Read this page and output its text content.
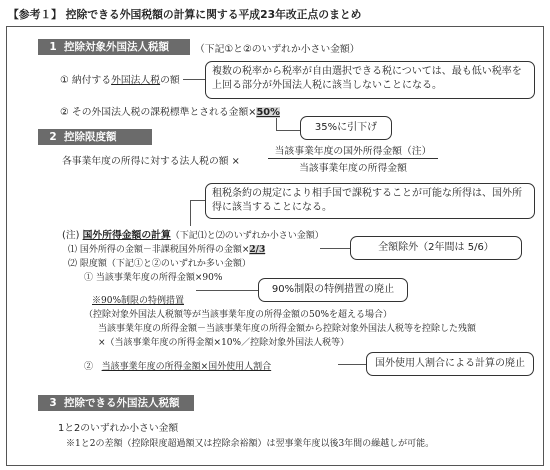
【参考１】 控除できる外国税額の計算に関する平成23年改正点のまとめ
1 控除対象外国法人税額	（下記①と②のいずれか小さい金額）
① 納付する外国法人税の額
複数の税率から税率が自由選択できる税については、最も低い税率を上回る部分が外国法人税に該当しないことになる。
② その外国法人税の課税標準とされる金額×50%
35%に引下げ
2 控除限度額
各事業年度の所得に対する法人税の額 ×
当該事業年度の国外所得金額（注）
当該事業年度の所得金額
租税条約の規定により相手国で課税することが可能な所得は、国外所得に該当することになる。
(注) 国外所得金額の計算（下記⑴と⑵のいずれか小さい金額）
⑴ 国外所得の金額－非課税国外所得の金額×2/3	全額除外（2年間は 5/6）
⑵ 限度額（下記①と②のいずれか多い金額）
① 当該事業年度の所得金額×90%
90%制限の特例措置の廃止
※90%制限の特例措置
（控除対象外国法人税額等が当該事業年度の所得金額の50%を超える場合）
当該事業年度の所得金額－当該事業年度の所得金額から控除対象外国法人税等を控除した残額
×（当該事業年度の所得金額×10%／控除対象外国法人税等）
② 当該事業年度の所得金額×国外使用人割合	国外使用人割合による計算の廃止
3 控除できる外国法人税額
1と2のいずれか小さい金額
※1と2の差額（控除限度超過額又は控除余裕額）は翌事業年度以後3年間の繰越しが可能。
